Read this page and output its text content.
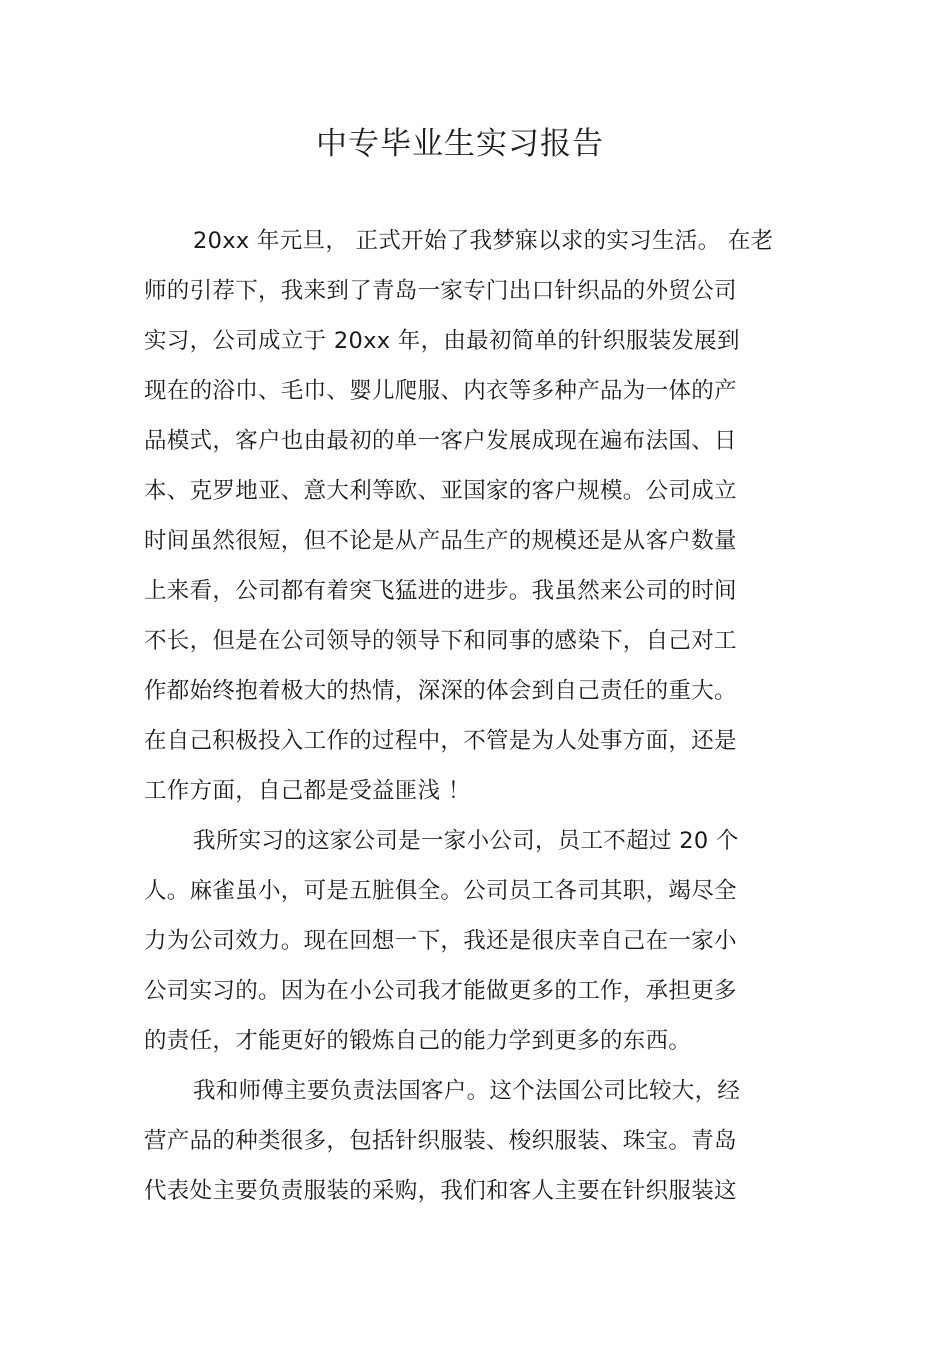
中专毕业生实习报告
20xx 年元旦， 正式开始了我梦寐以求的实习生活。 在老
师的引荐下，我来到了青岛一家专门出口针织品的外贸公司
实习，公司成立于 20xx 年，由最初简单的针织服装发展到
现在的浴巾、毛巾、婴儿爬服、内衣等多种产品为一体的产
品模式，客户也由最初的单一客户发展成现在遍布法国、日
本、克罗地亚、意大利等欧、亚国家的客户规模。公司成立
时间虽然很短，但不论是从产品生产的规模还是从客户数量
上来看，公司都有着突飞猛进的进步。我虽然来公司的时间
不长，但是在公司领导的领导下和同事的感染下，自己对工
作都始终抱着极大的热情，深深的体会到自己责任的重大。
在自己积极投入工作的过程中，不管是为人处事方面，还是
工作方面，自己都是受益匪浅 ！
我所实习的这家公司是一家小公司，员工不超过 20 个
人。麻雀虽小，可是五脏俱全。公司员工各司其职，竭尽全
力为公司效力。现在回想一下，我还是很庆幸自己在一家小
公司实习的。因为在小公司我才能做更多的工作，承担更多
的责任，才能更好的锻炼自己的能力学到更多的东西。
我和师傅主要负责法国客户。这个法国公司比较大，经
营产品的种类很多，包括针织服装、梭织服装、珠宝。青岛
代表处主要负责服装的采购，我们和客人主要在针织服装这
